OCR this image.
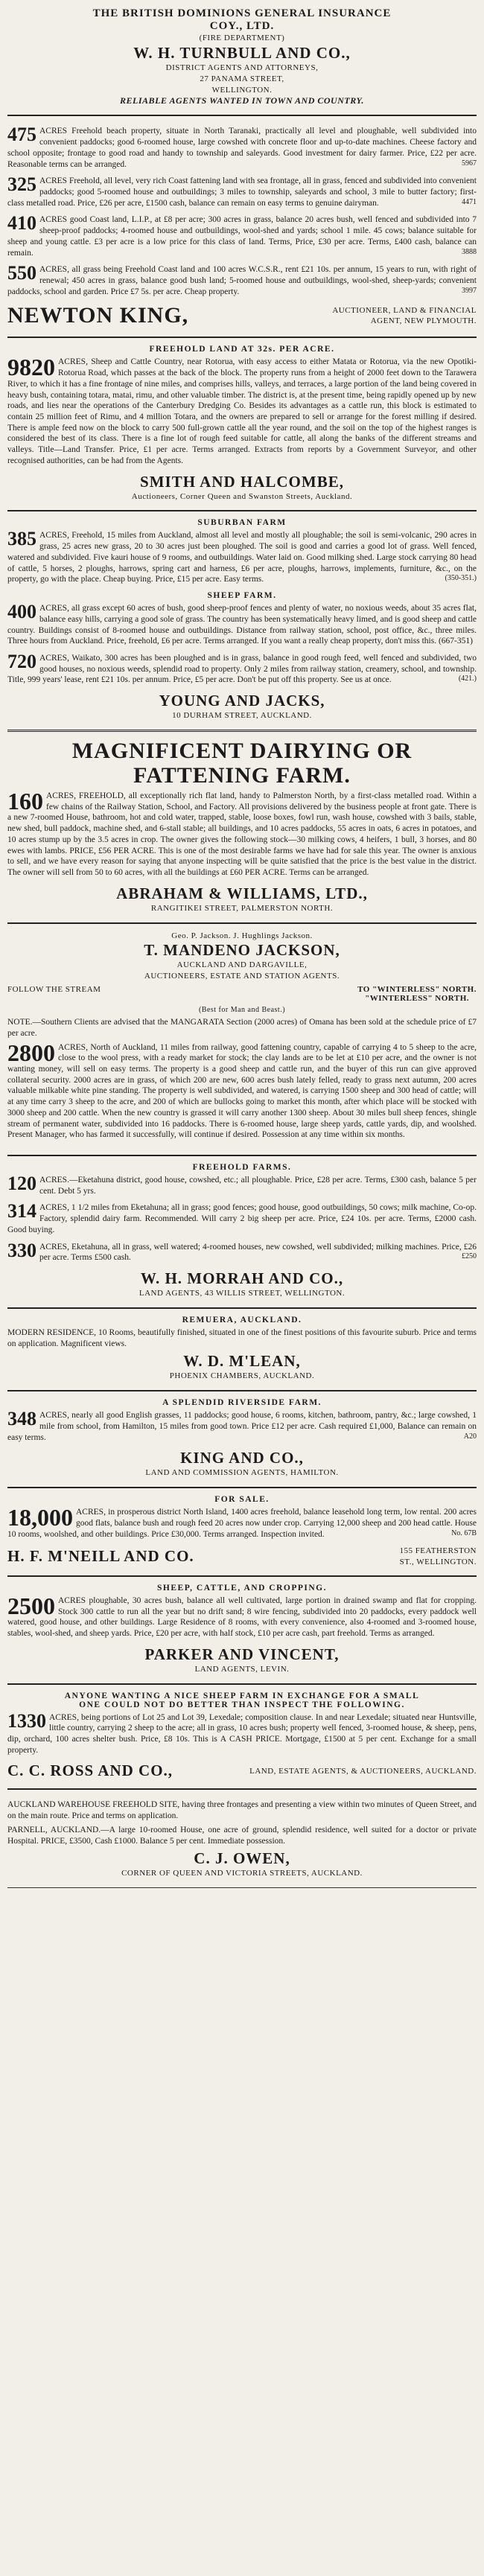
THE BRITISH DOMINIONS GENERAL INSURANCE
COY., LTD.
(FIRE DEPARTMENT)
W. H. TURNBULL AND CO.,
DISTRICT AGENTS AND ATTORNEYS,
27 PANAMA STREET,
WELLINGTON.
RELIABLE AGENTS WANTED IN TOWN AND COUNTRY.
475 ACRES Freehold beach property, situate in North Taranaki, practically all level and ploughable, well subdivided into convenient paddocks; good 6-roomed house, large cowshed with concrete floor and up-to-date machines. Cheese factory and school opposite; frontage to good road and handy to township and saleyards. Good investment for dairy farmer. Price, £22 per acre. Reasonable terms can be arranged.	5967
325 ACRES Freehold, all level, very rich Coast fattening land with sea frontage, all in grass, fenced and subdivided into convenient paddocks; good 5-roomed house and outbuildings; 3 miles to township, saleyards and school, 3 mile to butter factory; first-class metalled road. Price, £26 per acre, £1500 cash, balance can remain on easy terms to genuine dairyman.	4471
410 ACRES good Coast land, L.I.P., at £8 per acre; 300 acres in grass, balance 20 acres bush, well fenced and subdivided into 7 sheep-proof paddocks; 4-roomed house and outbuildings, wool-shed and yards; school 1 mile. 45 cows; balance suitable for sheep and young cattle. £3 per acre is a low price for this class of land. Terms, Price, £30 per acre. Terms, £400 cash, balance can remain.	3888
550 ACRES, all grass being Freehold Coast land and 100 acres W.C.S.R., rent £21 10s. per annum, 15 years to run, with right of renewal; 450 acres in grass, balance good bush land; 5-roomed house and outbuildings, wool-shed, sheep-yards; convenient paddocks, school and garden. Price £7 5s. per acre. Cheap property.	3997
NEWTON KING,	AUCTIONEER, LAND & FINANCIAL
AGENT, NEW PLYMOUTH.
FREEHOLD LAND AT 32s. PER ACRE.
9820 ACRES, Sheep and Cattle Country, near Rotorua, with easy access to either Matata or Rotorua, via the new Opotiki-Rotorua Road, which passes at the back of the block. The property runs from a height of 2000 feet down to the Tarawera River, to which it has a fine frontage of nine miles, and comprises hills, valleys, and terraces, a large portion of the land being covered in heavy bush, containing totara, matai, rimu, and other valuable timber. The district is, at the present time, being rapidly opened up by new roads, and lies near the operations of the Canterbury Dredging Co. Besides its advantages as a cattle run, this block is estimated to contain 25 million feet of Rimu, and 4 million Totara, and the owners are prepared to sell or arrange for the forest milling if desired. There is ample feed now on the block to carry 500 full-grown cattle all the year round, and the soil on the top of the highest ranges is considered the best of its class. There is a fine lot of rough feed suitable for cattle, all along the banks of the different streams and valleys. Title—Land Transfer. Price, £1 per acre. Terms arranged. Extracts from reports by a Government Surveyor, and other recognised authorities, can be had from the Agents.
SMITH AND HALCOMBE,
Auctioneers, Corner Queen and Swanston Streets, Auckland.
SUBURBAN FARM
385 ACRES, Freehold, 15 miles from Auckland, almost all level and mostly all ploughable; the soil is semi-volcanic, 290 acres in grass, 25 acres new grass, 20 to 30 acres just been ploughed. The soil is good and carries a good lot of grass. Well fenced, watered and subdivided. Five kauri house of 9 rooms, and outbuildings. Water laid on. Good milking shed. Large stock carrying 80 head of cattle, 5 horses, 2 ploughs, harrows, spring cart and harness, £6 per acre, ploughs, harrows, implements, furniture, &c., on the property, go with the place. Cheap buying. Price, £15 per acre. Easy terms.	(350-351.)
SHEEP FARM.
400 ACRES, all grass except 60 acres of bush, good sheep-proof fences and plenty of water, no noxious weeds, about 35 acres flat, balance easy hills, carrying a good sole of grass. The country has been systematically heavy limed, and is good sheep and cattle country. Buildings consist of 8-roomed house and outbuildings. Distance from railway station, school, post office, &c., three miles. Three hours from Auckland. Price, freehold, £6 per acre. Terms arranged. If you want a really cheap property, don't miss this. (667-351)
720 ACRES, Waikato, 300 acres has been ploughed and is in grass, balance in good rough feed, well fenced and subdivided, two good houses, no noxious weeds, splendid road to property. Only 2 miles from railway station, creamery, school, and township. Title, 999 years' lease, rent £21 10s. per annum. Price, £5 per acre. Don't be put off this property. See us at once.	(421.)
YOUNG AND JACKS,
10 DURHAM STREET, AUCKLAND.
MAGNIFICENT DAIRYING OR
FATTENING FARM.
160 ACRES, FREEHOLD, all exceptionally rich flat land, handy to Palmerston North, by a first-class metalled road. Within a few chains of the Railway Station, School, and Factory. All provisions delivered by the business people at front gate. There is a new 7-roomed House, bathroom, hot and cold water, trapped, stable, loose boxes, fowl run, wash house, cowshed with 3 bails, stable, new shed, bull paddock, machine shed, and 6-stall stable; all buildings, and 10 acres paddocks, 55 acres in oats, 6 acres in potatoes, and 10 acres stump up by the 3.5 acres in crop. The owner gives the following stock—30 milking cows, 4 heifers, 1 bull, 3 horses, and 80 ewes with lambs. PRICE, £56 PER ACRE. This is one of the most desirable farms we have had for sale this year. The owner is anxious to sell, and we have every reason for saying that anyone inspecting will be quite satisfied that the price is the best value in the district. The owner will sell from 50 to 60 acres, with all the buildings at £60 PER ACRE. Terms can be arranged.
ABRAHAM & WILLIAMS, LTD.,
RANGITIKEI STREET, PALMERSTON NORTH.
Geo. P. Jackson. J. Hughlings Jackson.
T. MANDENO JACKSON,
AUCKLAND AND DARGAVILLE,
AUCTIONEERS, ESTATE AND STATION AGENTS.
FOLLOW THE STREAM	TO "WINTERLESS" NORTH.
"WINTERLESS" NORTH.
(Best for Man and Beast.)
NOTE.—Southern Clients are advised that the MANGARATA Section (2000 acres) of Omana has been sold at the schedule price of £7 per acre.
2800 ACRES, North of Auckland, 11 miles from railway, good fattening country, capable of carrying 4 to 5 sheep to the acre, close to the wool press, with a ready market for stock; the clay lands are to be let at £10 per acre, and the owner is not wanting money, will sell on easy terms. The property is a good sheep and cattle run, and the buyer of this run can give approved collateral security. 2000 acres are in grass, of which 200 are new, 600 acres bush lately felled, ready to grass next autumn, 200 acres valuable milkable white pine standing. The property is well subdivided, and watered, is carrying 1500 sheep and 300 head of cattle; will at any time carry 3 sheep to the acre, and 200 of which are bullocks going to market this month, after which place will be stocked with 3000 sheep and 200 cattle. When the new country is grassed it will carry another 1300 sheep. About 30 miles bull sheep fences, shingle stream of permanent water, subdivided into 16 paddocks. There is 6-roomed house, large sheep yards, cattle yards, dip, and woolshed. Present Manager, who has farmed it successfully, will continue if desired. Possession at any time within six months.
FREEHOLD FARMS.
120 ACRES.—Eketahuna district, good house, cowshed, etc.; all ploughable. Price, £28 per acre. Terms, £300 cash, balance 5 per cent. Debt 5 yrs.
314 ACRES, 1 1/2 miles from Eketahuna; all in grass; good fences; good house, good outbuildings, 50 cows; milk machine, Co-op. Factory, splendid dairy farm. Recommended. Will carry 2 big sheep per acre. Price, £24 10s. per acre. Terms, £2000 cash. Good buying.
330 ACRES, Eketahuna, all in grass, well watered; 4-roomed houses, new cowshed, well subdivided; milking machines. Price, £26 per acre. Terms £500 cash.	£250
W. H. MORRAH AND CO.,
LAND AGENTS, 43 WILLIS STREET, WELLINGTON.
REMUERA, AUCKLAND.
MODERN RESIDENCE, 10 Rooms, beautifully finished, situated in one of the finest positions of this favourite suburb. Price and terms on application. Magnificent views.
W. D. M'LEAN,
PHOENIX CHAMBERS, AUCKLAND.
A SPLENDID RIVERSIDE FARM.
348 ACRES, nearly all good English grasses, 11 paddocks; good house, 6 rooms, kitchen, bathroom, pantry, &c.; large cowshed, 1 mile from school, from Hamilton, 15 miles from good town. Price £12 per acre. Cash required £1,000, Balance can remain on easy terms.	A20
KING AND CO.,
LAND AND COMMISSION AGENTS, HAMILTON.
FOR SALE.
18,000 ACRES, in prosperous district North Island, 1400 acres freehold, balance leasehold long term, low rental. 200 acres good flats, balance bush and rough feed 20 acres now under crop. Carrying 12,000 sheep and 200 head cattle. House 10 rooms, woolshed, and other buildings. Price £30,000. Terms arranged. Inspection invited.	No. 67B
H. F. M'NEILL AND CO.	155 FEATHERSTON
ST., WELLINGTON.
SHEEP, CATTLE, AND CROPPING.
2500 ACRES ploughable, 30 acres bush, balance all well cultivated, large portion in drained swamp and flat for cropping. Stock 300 cattle to run all the year but no drift sand; 8 wire fencing, subdivided into 20 paddocks, every paddock well watered, good house, and other buildings. Large Residence of 8 rooms, with every convenience, also 4-roomed and 3-roomed house, stables, wool-shed, and sheep yards. Price, £20 per acre, with half stock, £10 per acre cash, part freehold. Terms as arranged.
PARKER AND VINCENT,
LAND AGENTS, LEVIN.
ANYONE WANTING A NICE SHEEP FARM IN EXCHANGE FOR A SMALL
ONE COULD NOT DO BETTER THAN INSPECT THE FOLLOWING.
1330 ACRES, being portions of Lot 25 and Lot 39, Lexedale; composition clause. In and near Lexedale; situated near Huntsville, little country, carrying 2 sheep to the acre; all in grass, 10 acres bush; property well fenced, 3-roomed house, & sheep, pens, dip, orchard, 100 acres shelter bush. Price, £8 10s. This is A CASH PRICE. Mortgage, £1500 at 5 per cent. Exchange for a small property.
C. C. ROSS AND CO.,	LAND, ESTATE AGENTS, & AUCTIONEERS, AUCKLAND.
AUCKLAND WAREHOUSE FREEHOLD SITE, having three frontages and presenting a view within two minutes of Queen Street, and on the main route. Price and terms on application.
PARNELL, AUCKLAND.—A large 10-roomed House, one acre of ground, splendid residence, well suited for a doctor or private Hospital. PRICE, £3500, Cash £1000. Balance 5 per cent. Immediate possession.
C. J. OWEN,
CORNER OF QUEEN AND VICTORIA STREETS, AUCKLAND.
